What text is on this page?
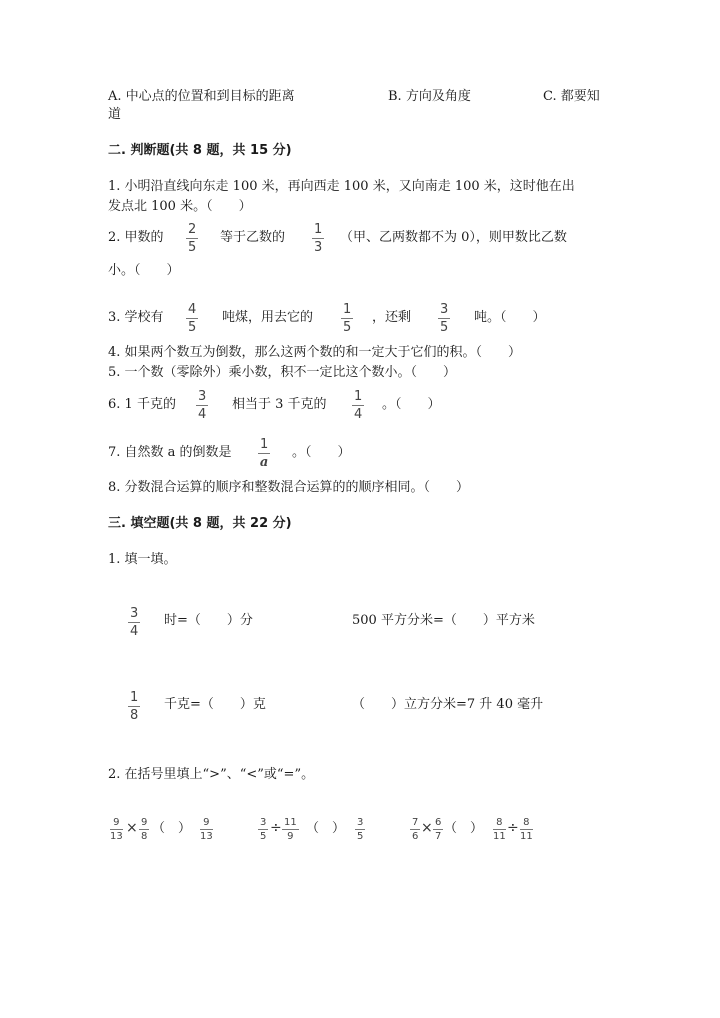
A. 中心点的位置和到目标的距离
道
B. 方向及角度	C. 都要知
二. 判断题(共 8 题，共 15 分)
1. 小明沿直线向东走 100 米，再向西走 100 米，又向南走 100 米，这时他在出
发点北 100 米。（　　）
2. 甲数的
2
5
等于乙数的
1
3
（甲、乙两数都不为 0），则甲数比乙数
小。（　　）
3. 学校有
4
5
吨煤，用去它的
1
5
，还剩
3
5
吨。（　　）
4. 如果两个数互为倒数，那么这两个数的和一定大于它们的积。（　　）
5. 一个数（零除外）乘小数，积不一定比这个数小。（　　）
6. 1 千克的
3
4
相当于 3 千克的
1
4
。（　　）
7. 自然数 a 的倒数是
1
a
。（　　）
8. 分数混合运算的顺序和整数混合运算的的顺序相同。（　　）
三. 填空题(共 8 题，共 22 分)
1. 填一填。
3
4
时=（　　）分	500 平方分米=（　　）平方米
1
8
千克=（　　）克	（　　）立方分米=7 升 40 毫升
2. 在括号里填上“>”、“<”或“=”。
9
13
× 9
8
（　） 9
13
3
5
÷ 11
9
（　） 3
5
7
6
× 6
7
（　） 8
11
÷ 8
11
